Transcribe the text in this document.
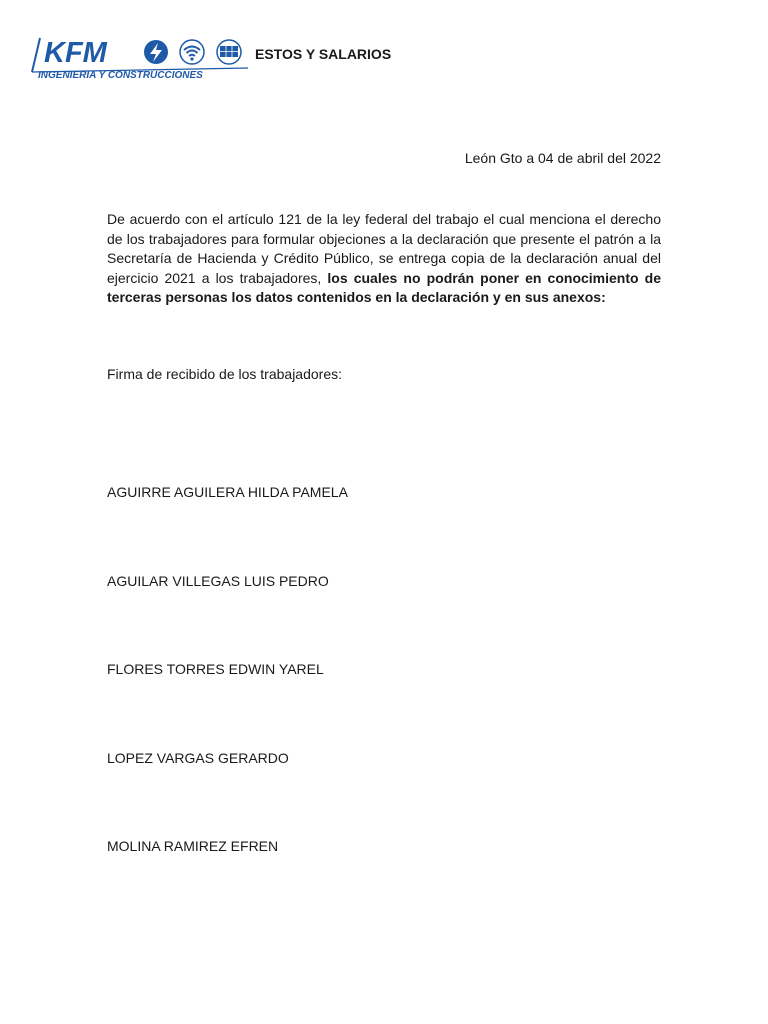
KFM
INGENIERIA Y CONSTRUCCIONES
ESTOS Y SALARIOS
León Gto a 04 de abril del 2022

De acuerdo con el artículo 121 de la ley federal del trabajo el cual menciona el derecho de los trabajadores para formular objeciones a la declaración que presente el patrón a la Secretaría de Hacienda y Crédito Público, se entrega copia de la declaración anual del ejercicio 2021 a los trabajadores, los cuales no podrán poner en conocimiento de terceras personas los datos contenidos en la declaración y en sus anexos:

Firma de recibido de los trabajadores:
AGUIRRE AGUILERA HILDA PAMELA
AGUILAR VILLEGAS LUIS PEDRO
FLORES TORRES EDWIN YAREL
LOPEZ VARGAS GERARDO
MOLINA RAMIREZ EFREN
